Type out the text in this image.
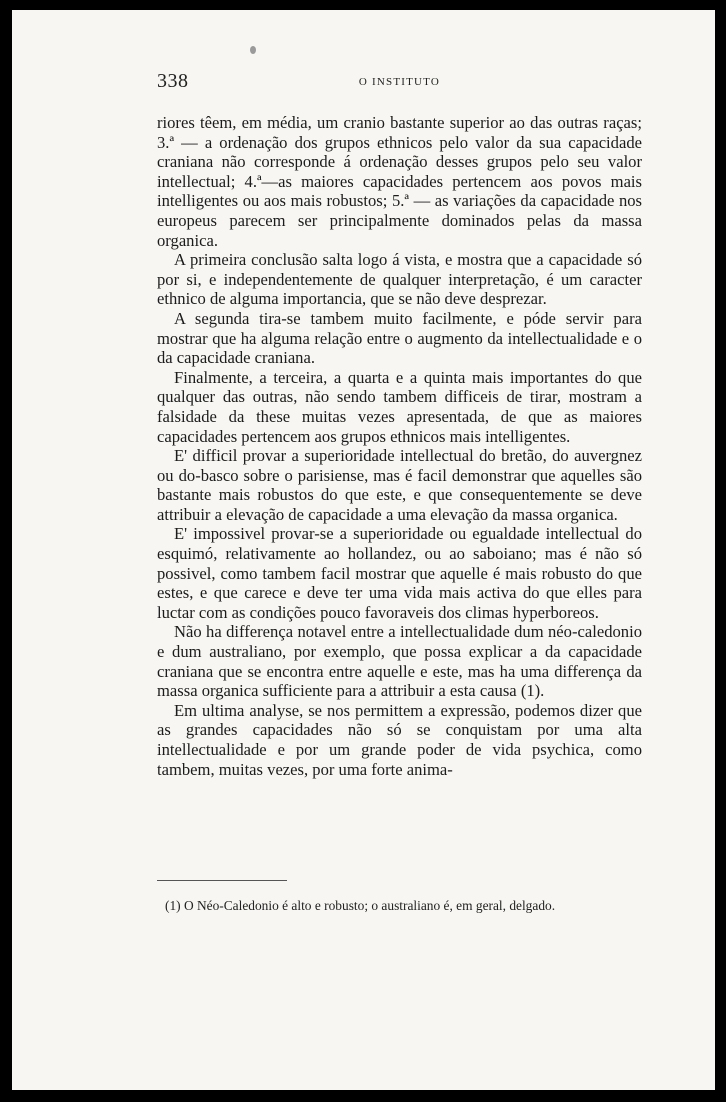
338	O INSTITUTO

riores têem, em média, um cranio bastante superior ao das outras raças; 3.ª — a ordenação dos grupos ethnicos pelo valor da sua capacidade craniana não corresponde á ordenação desses grupos pelo seu valor intellectual; 4.ª—as maiores capacidades pertencem aos povos mais intelligentes ou aos mais robustos; 5.ª — as variações da capacidade nos europeus parecem ser principalmente dominados pelas da massa organica.

A primeira conclusão salta logo á vista, e mostra que a capacidade só por si, e independentemente de qualquer interpretação, é um caracter ethnico de alguma importancia, que se não deve desprezar.

A segunda tira-se tambem muito facilmente, e póde servir para mostrar que ha alguma relação entre o augmento da intellectualidade e o da capacidade craniana.

Finalmente, a terceira, a quarta e a quinta mais importantes do que qualquer das outras, não sendo tambem difficeis de tirar, mostram a falsidade da these muitas vezes apresentada, de que as maiores capacidades pertencem aos grupos ethnicos mais intelligentes.

E' difficil provar a superioridade intellectual do bretão, do auvergnez ou do-basco sobre o parisiense, mas é facil demonstrar que aquelles são bastante mais robustos do que este, e que consequentemente se deve attribuir a elevação de capacidade a uma elevação da massa organica.

E' impossivel provar-se a superioridade ou egualdade intellectual do esquimó, relativamente ao hollandez, ou ao saboiano; mas é não só possivel, como tambem facil mostrar que aquelle é mais robusto do que estes, e que carece e deve ter uma vida mais activa do que elles para luctar com as condições pouco favoraveis dos climas hyperboreos.

Não ha differença notavel entre a intellectualidade dum néo-caledonio e dum australiano, por exemplo, que possa explicar a da capacidade craniana que se encontra entre aquelle e este, mas ha uma differença da massa organica sufficiente para a attribuir a esta causa (1).

Em ultima analyse, se nos permittem a expressão, podemos dizer que as grandes capacidades não só se conquistam por uma alta intellectualidade e por um grande poder de vida psychica, como tambem, muitas vezes, por uma forte anima-

(1) O Néo-Caledonio é alto e robusto; o australiano é, em geral, delgado.
